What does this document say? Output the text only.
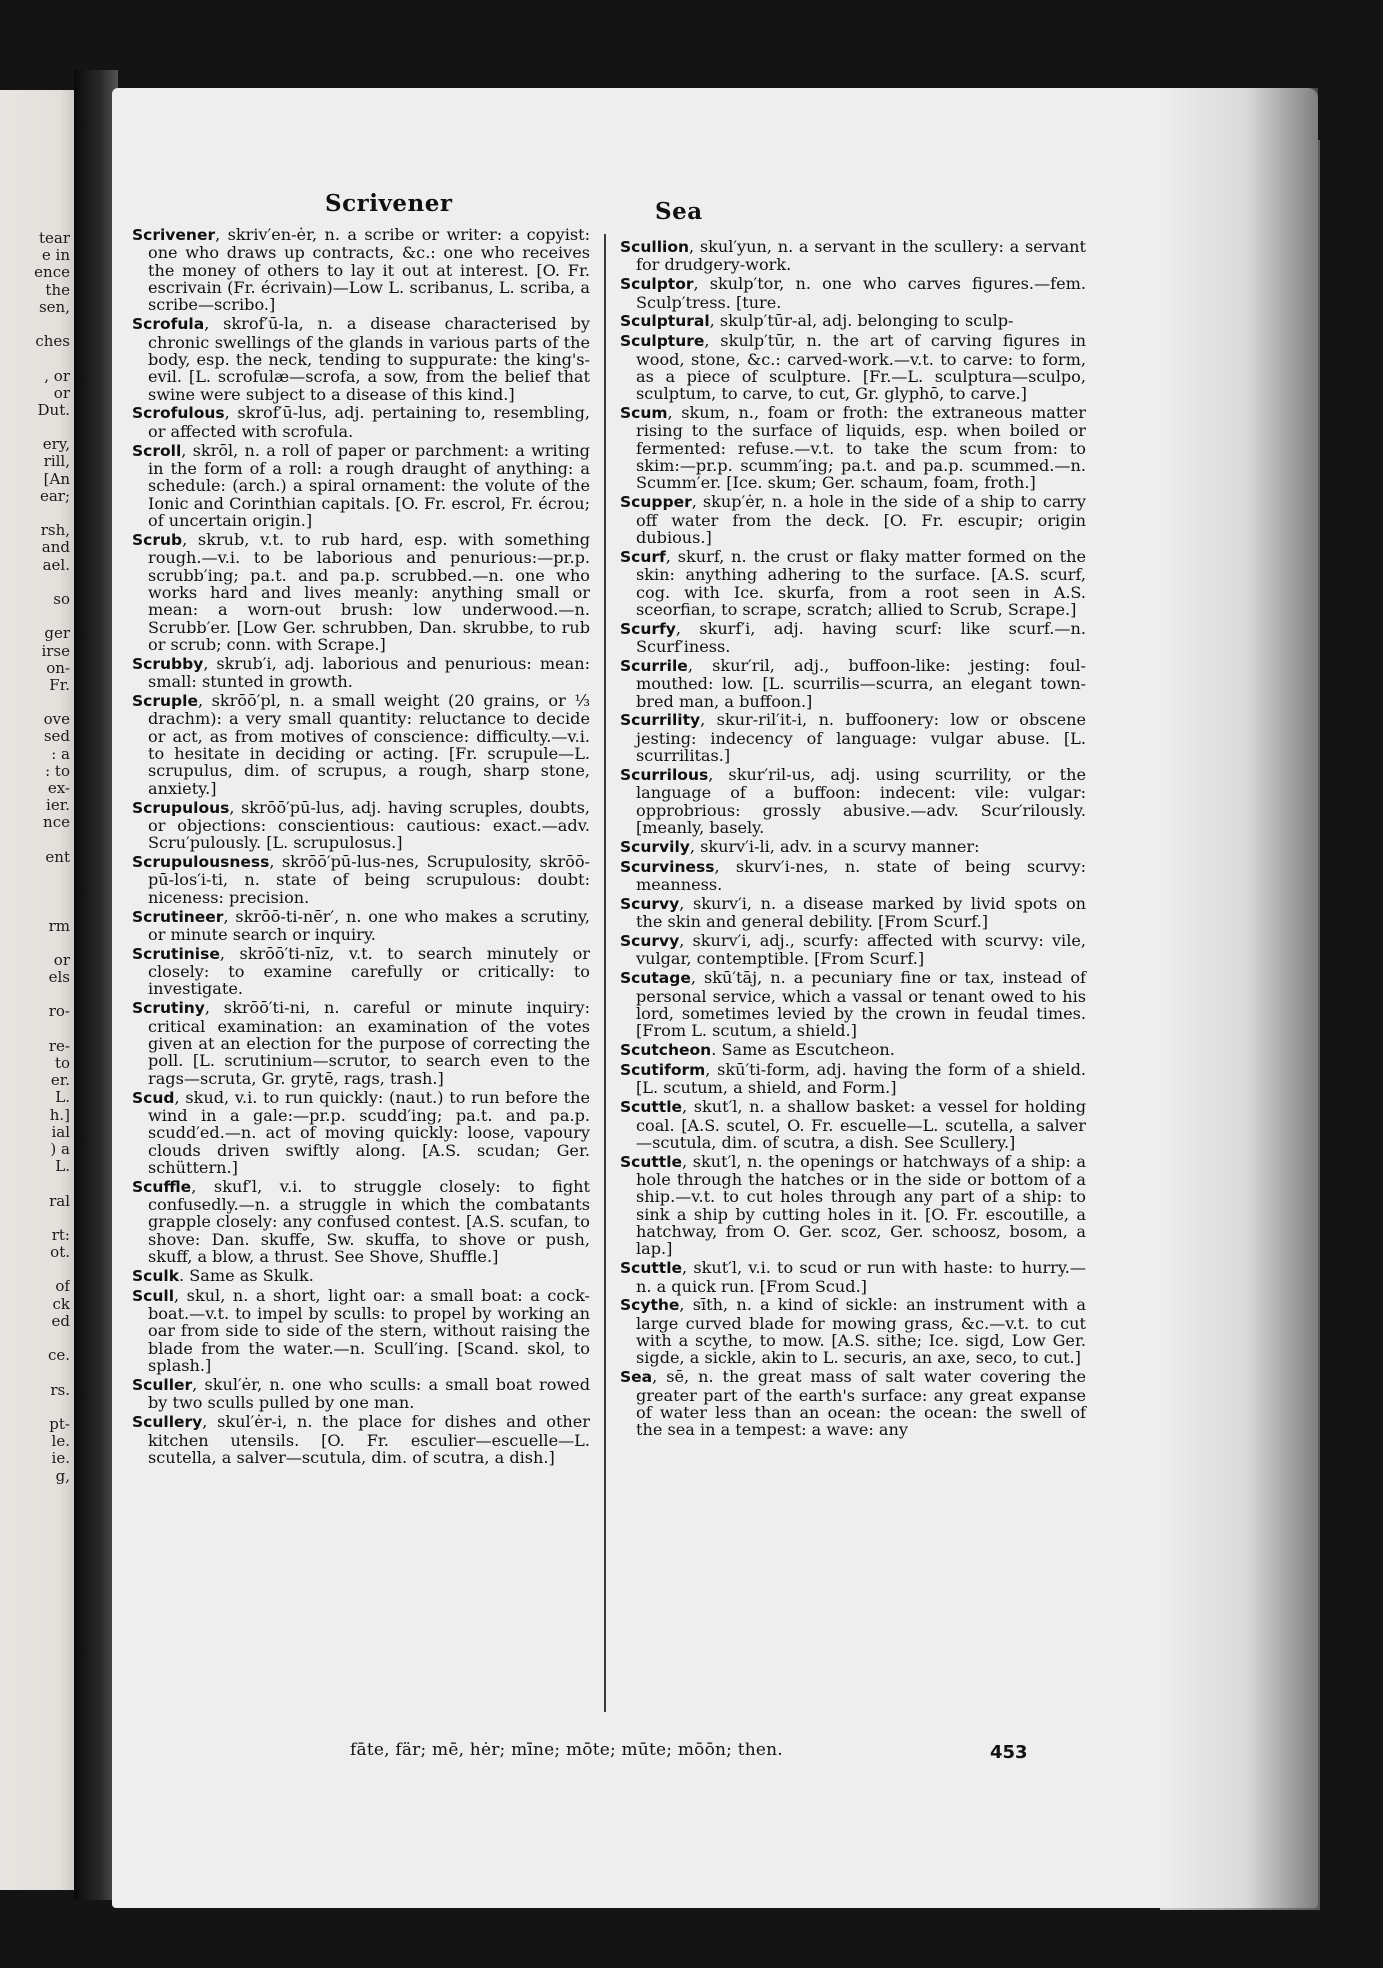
tear
e in
ence
the
sen,
ches
, or
or
Dut.
ery,
rill,
[An
ear;
rsh,
and
ael.
so
ger
irse
on-
Fr.
ove
sed
: a
: to
ex-
ier.
nce
ent
rm
or
els
ro-
re-
to
er.
L.
h.]
ial
) a
L.
ral
rt:
ot.
of
ck
ed
ce.
rs.
pt-
le.
ie.
g,
Scrivener	Sea

Scrivener, skriv′en-ėr, n. a scribe or writer: a copyist: one who draws up contracts, &c.: one who receives the money of others to lay it out at interest. [O. Fr. escrivain (Fr. écrivain)—Low L. scribanus, L. scriba, a scribe—scribo.]

Scrofula, skrof′ū-la, n. a disease characterised by chronic swellings of the glands in various parts of the body, esp. the neck, tending to suppurate: the king's-evil. [L. scrofulæ—scrofa, a sow, from the belief that swine were subject to a disease of this kind.]

Scrofulous, skrof′ū-lus, adj. pertaining to, resembling, or affected with scrofula.

Scroll, skrōl, n. a roll of paper or parchment: a writing in the form of a roll: a rough draught of anything: a schedule: (arch.) a spiral ornament: the volute of the Ionic and Corinthian capitals. [O. Fr. escrol, Fr. écrou; of uncertain origin.]

Scrub, skrub, v.t. to rub hard, esp. with something rough.—v.i. to be laborious and penurious:—pr.p. scrubb′ing; pa.t. and pa.p. scrubbed.—n. one who works hard and lives meanly: anything small or mean: a worn-out brush: low underwood.—n. Scrubb′er. [Low Ger. schrubben, Dan. skrubbe, to rub or scrub; conn. with Scrape.]

Scrubby, skrub′i, adj. laborious and penurious: mean: small: stunted in growth.

Scruple, skrōō′pl, n. a small weight (20 grains, or ⅓ drachm): a very small quantity: reluctance to decide or act, as from motives of conscience: difficulty.—v.i. to hesitate in deciding or acting. [Fr. scrupule—L. scrupulus, dim. of scrupus, a rough, sharp stone, anxiety.]

Scrupulous, skrōō′pū-lus, adj. having scruples, doubts, or objections: conscientious: cautious: exact.—adv. Scru′pulously. [L. scrupulosus.]

Scrupulousness, skrōō′pū-lus-nes, Scrupulosity, skrōō-pū-los′i-ti, n. state of being scrupulous: doubt: niceness: precision.

Scrutineer, skrōō-ti-nēr′, n. one who makes a scrutiny, or minute search or inquiry.

Scrutinise, skrōō′ti-nīz, v.t. to search minutely or closely: to examine carefully or critically: to investigate.

Scrutiny, skrōō′ti-ni, n. careful or minute inquiry: critical examination: an examination of the votes given at an election for the purpose of correcting the poll. [L. scrutinium—scrutor, to search even to the rags—scruta, Gr. grytē, rags, trash.]

Scud, skud, v.i. to run quickly: (naut.) to run before the wind in a gale:—pr.p. scudd′ing; pa.t. and pa.p. scudd′ed.—n. act of moving quickly: loose, vapoury clouds driven swiftly along. [A.S. scudan; Ger. schüttern.]

Scuffle, skuf′l, v.i. to struggle closely: to fight confusedly.—n. a struggle in which the combatants grapple closely: any confused contest. [A.S. scufan, to shove: Dan. skuffe, Sw. skuffa, to shove or push, skuff, a blow, a thrust. See Shove, Shuffle.]

Sculk. Same as Skulk.

Scull, skul, n. a short, light oar: a small boat: a cock-boat.—v.t. to impel by sculls: to propel by working an oar from side to side of the stern, without raising the blade from the water.—n. Scull′ing. [Scand. skol, to splash.]

Sculler, skul′ėr, n. one who sculls: a small boat rowed by two sculls pulled by one man.

Scullery, skul′ėr-i, n. the place for dishes and other kitchen utensils. [O. Fr. esculier—escuelle—L. scutella, a salver—scutula, dim. of scutra, a dish.]

Scullion, skul′yun, n. a servant in the scullery: a servant for drudgery-work.

Sculptor, skulp′tor, n. one who carves figures.—fem. Sculp′tress. [ture.

Sculptural, skulp′tūr-al, adj. belonging to sculp-

Sculpture, skulp′tūr, n. the art of carving figures in wood, stone, &c.: carved-work.—v.t. to carve: to form, as a piece of sculpture. [Fr.—L. sculptura—sculpo, sculptum, to carve, to cut, Gr. glyphō, to carve.]

Scum, skum, n., foam or froth: the extraneous matter rising to the surface of liquids, esp. when boiled or fermented: refuse.—v.t. to take the scum from: to skim:—pr.p. scumm′ing; pa.t. and pa.p. scummed.—n. Scumm′er. [Ice. skum; Ger. schaum, foam, froth.]

Scupper, skup′ėr, n. a hole in the side of a ship to carry off water from the deck. [O. Fr. escupir; origin dubious.]

Scurf, skurf, n. the crust or flaky matter formed on the skin: anything adhering to the surface. [A.S. scurf, cog. with Ice. skurfa, from a root seen in A.S. sceorfian, to scrape, scratch; allied to Scrub, Scrape.]

Scurfy, skurf′i, adj. having scurf: like scurf.—n. Scurf′iness.

Scurrile, skur′ril, adj., buffoon-like: jesting: foul-mouthed: low. [L. scurrilis—scurra, an elegant town-bred man, a buffoon.]

Scurrility, skur-ril′it-i, n. buffoonery: low or obscene jesting: indecency of language: vulgar abuse. [L. scurrilitas.]

Scurrilous, skur′ril-us, adj. using scurrility, or the language of a buffoon: indecent: vile: vulgar: opprobrious: grossly abusive.—adv. Scur′rilously. [meanly, basely.

Scurvily, skurv′i-li, adv. in a scurvy manner:

Scurviness, skurv′i-nes, n. state of being scurvy: meanness.

Scurvy, skurv′i, n. a disease marked by livid spots on the skin and general debility. [From Scurf.]

Scurvy, skurv′i, adj., scurfy: affected with scurvy: vile, vulgar, contemptible. [From Scurf.]

Scutage, skū′tāj, n. a pecuniary fine or tax, instead of personal service, which a vassal or tenant owed to his lord, sometimes levied by the crown in feudal times. [From L. scutum, a shield.]

Scutcheon. Same as Escutcheon.

Scutiform, skū′ti-form, adj. having the form of a shield. [L. scutum, a shield, and Form.]

Scuttle, skut′l, n. a shallow basket: a vessel for holding coal. [A.S. scutel, O. Fr. escuelle—L. scutella, a salver—scutula, dim. of scutra, a dish. See Scullery.]

Scuttle, skut′l, n. the openings or hatchways of a ship: a hole through the hatches or in the side or bottom of a ship.—v.t. to cut holes through any part of a ship: to sink a ship by cutting holes in it. [O. Fr. escoutille, a hatchway, from O. Ger. scoz, Ger. schoosz, bosom, a lap.]

Scuttle, skut′l, v.i. to scud or run with haste: to hurry.—n. a quick run. [From Scud.]

Scythe, sīth, n. a kind of sickle: an instrument with a large curved blade for mowing grass, &c.—v.t. to cut with a scythe, to mow. [A.S. sithe; Ice. sigd, Low Ger. sigde, a sickle, akin to L. securis, an axe, seco, to cut.]

Sea, sē, n. the great mass of salt water covering the greater part of the earth's surface: any great expanse of water less than an ocean: the ocean: the swell of the sea in a tempest: a wave: any

fāte, fär; mē, hėr; mīne; mōte; mūte; mōōn; then.	453
